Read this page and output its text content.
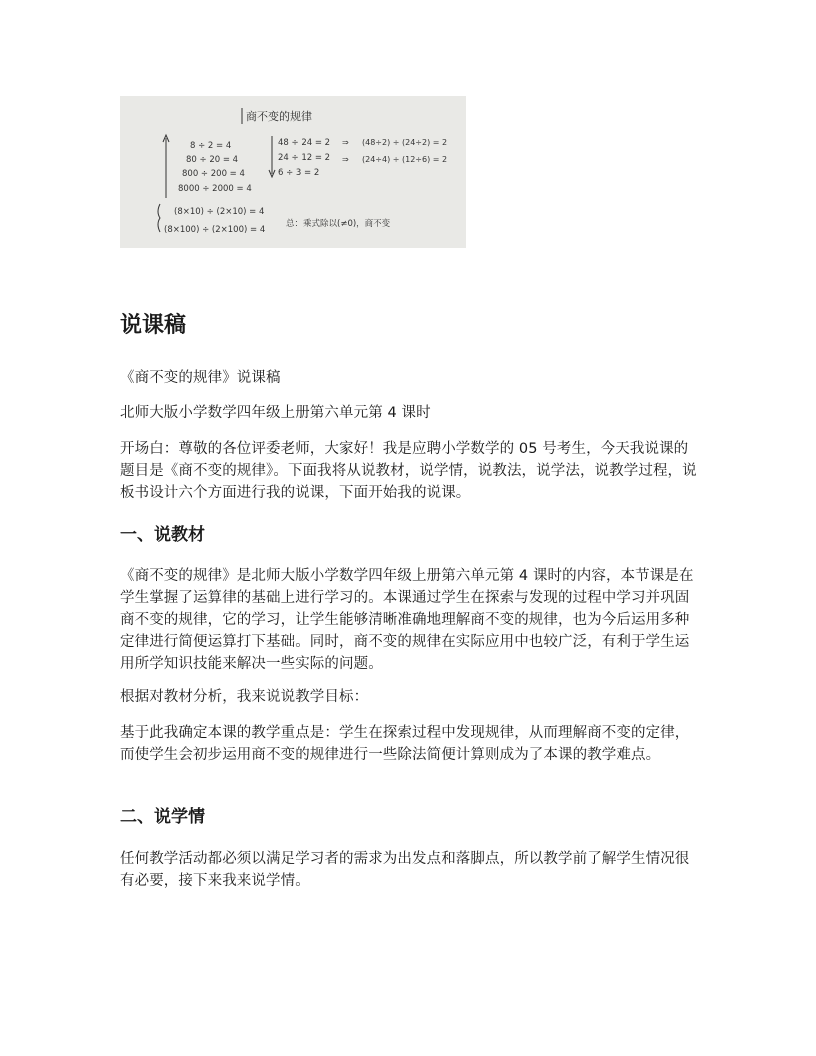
商不变的规律
8 ÷ 2 = 4
80 ÷ 20 = 4
800 ÷ 200 = 4
8000 ÷ 2000 = 4
(8×10) ÷ (2×10) = 4
(8×100) ÷ (2×100) = 4
48 ÷ 24 = 2
24 ÷ 12 = 2
6 ÷ 3 = 2
⇒
⇒
(48÷2) ÷ (24÷2) = 2
(24÷4) ÷ (12÷6) = 2
总：乘式除以(≠0)，商不变
说课稿

《商不变的规律》说课稿

北师大版小学数学四年级上册第六单元第 4 课时

开场白：尊敬的各位评委老师，大家好！我是应聘小学数学的 05 号考生，今天我说课的题目是《商不变的规律》。下面我将从说教材，说学情，说教法，说学法，说教学过程，说板书设计六个方面进行我的说课，下面开始我的说课。

一、说教材

《商不变的规律》是北师大版小学数学四年级上册第六单元第 4 课时的内容，本节课是在学生掌握了运算律的基础上进行学习的。本课通过学生在探索与发现的过程中学习并巩固商不变的规律，它的学习，让学生能够清晰准确地理解商不变的规律，也为今后运用多种定律进行简便运算打下基础。同时，商不变的规律在实际应用中也较广泛，有利于学生运用所学知识技能来解决一些实际的问题。

根据对教材分析，我来说说教学目标：

基于此我确定本课的教学重点是：学生在探索过程中发现规律，从而理解商不变的定律，而使学生会初步运用商不变的规律进行一些除法简便计算则成为了本课的教学难点。

二、说学情

任何教学活动都必须以满足学习者的需求为出发点和落脚点，所以教学前了解学生情况很有必要，接下来我来说学情。
